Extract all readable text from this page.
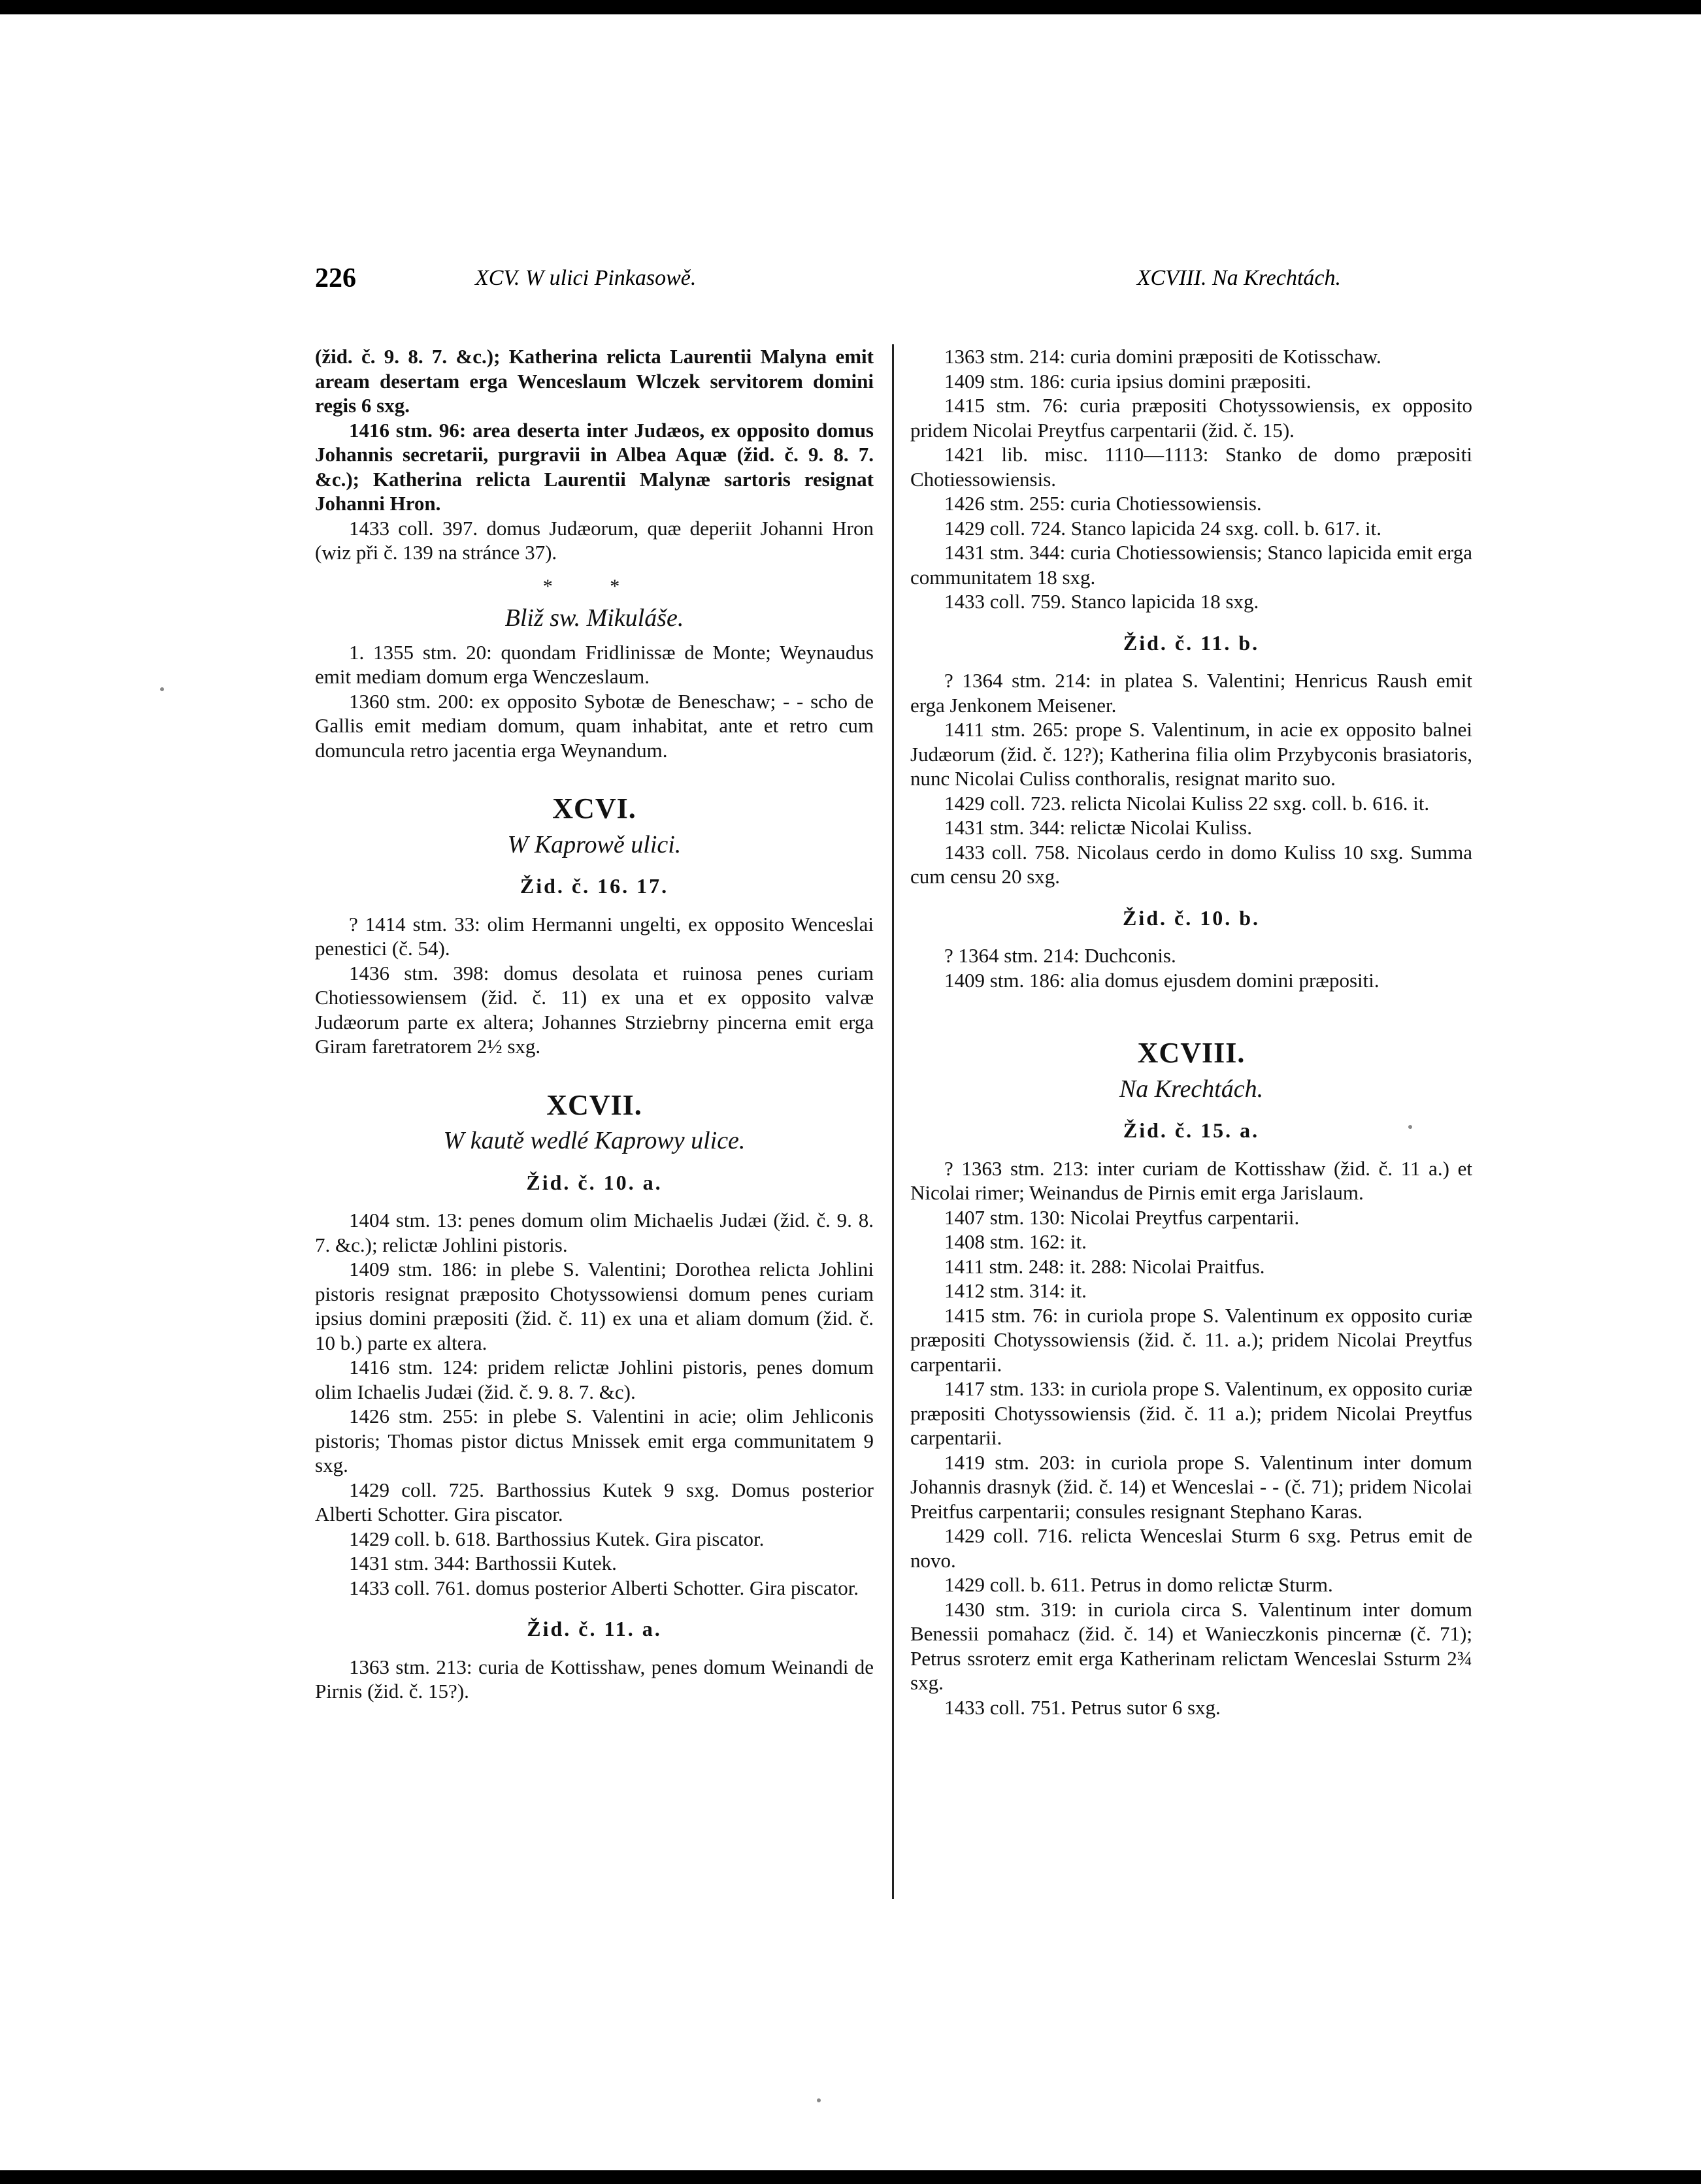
226	XCV. W ulici Pinkasowě.	XCVIII. Na Krechtách.

(žid. č. 9. 8. 7. &c.); Katherina relicta Laurentii Malyna emit aream desertam erga Wenceslaum Wlczek servitorem domini regis 6 sxg.

1416 stm. 96: area deserta inter Judæos, ex opposito domus Johannis secretarii, purgravii in Albea Aquæ (žid. č. 9. 8. 7. &c.); Katherina relicta Laurentii Malynæ sartoris resignat Johanni Hron.

1433 coll. 397. domus Judæorum, quæ deperiit Johanni Hron (wiz při č. 139 na stránce 37).

* *
Bliž sw. Mikuláše.

1. 1355 stm. 20: quondam Fridlinissæ de Monte; Weynaudus emit mediam domum erga Wenczeslaum.

1360 stm. 200: ex opposito Sybotæ de Beneschaw; - - scho de Gallis emit mediam domum, quam inhabitat, ante et retro cum domuncula retro jacentia erga Weynandum.

XCVI.
W Kaprowě ulici.
Žid. č. 16. 17.

? 1414 stm. 33: olim Hermanni ungelti, ex opposito Wenceslai penestici (č. 54).

1436 stm. 398: domus desolata et ruinosa penes curiam Chotiessowiensem (žid. č. 11) ex una et ex opposito valvæ Judæorum parte ex altera; Johannes Strziebrny pincerna emit erga Giram faretratorem 2½ sxg.

XCVII.
W kautě wedlé Kaprowy ulice.
Žid. č. 10. a.

1404 stm. 13: penes domum olim Michaelis Judæi (žid. č. 9. 8. 7. &c.); relictæ Johlini pistoris.

1409 stm. 186: in plebe S. Valentini; Dorothea relicta Johlini pistoris resignat præposito Chotyssowiensi domum penes curiam ipsius domini præpositi (žid. č. 11) ex una et aliam domum (žid. č. 10 b.) parte ex altera.

1416 stm. 124: pridem relictæ Johlini pistoris, penes domum olim Ichaelis Judæi (žid. č. 9. 8. 7. &c).

1426 stm. 255: in plebe S. Valentini in acie; olim Jehliconis pistoris; Thomas pistor dictus Mnissek emit erga communitatem 9 sxg.

1429 coll. 725. Barthossius Kutek 9 sxg. Domus posterior Alberti Schotter. Gira piscator.

1429 coll. b. 618. Barthossius Kutek. Gira piscator.

1431 stm. 344: Barthossii Kutek.

1433 coll. 761. domus posterior Alberti Schotter. Gira piscator.

Žid. č. 11. a.

1363 stm. 213: curia de Kottisshaw, penes domum Weinandi de Pirnis (žid. č. 15?).

1363 stm. 214: curia domini præpositi de Kotisschaw.

1409 stm. 186: curia ipsius domini præpositi.

1415 stm. 76: curia præpositi Chotyssowiensis, ex opposito pridem Nicolai Preytfus carpentarii (žid. č. 15).

1421 lib. misc. 1110—1113: Stanko de domo præpositi Chotiessowiensis.

1426 stm. 255: curia Chotiessowiensis.

1429 coll. 724. Stanco lapicida 24 sxg. coll. b. 617. it.

1431 stm. 344: curia Chotiessowiensis; Stanco lapicida emit erga communitatem 18 sxg.

1433 coll. 759. Stanco lapicida 18 sxg.

Žid. č. 11. b.

? 1364 stm. 214: in platea S. Valentini; Henricus Raush emit erga Jenkonem Meisener.

1411 stm. 265: prope S. Valentinum, in acie ex opposito balnei Judæorum (žid. č. 12?); Katherina filia olim Przybyconis brasiatoris, nunc Nicolai Culiss conthoralis, resignat marito suo.

1429 coll. 723. relicta Nicolai Kuliss 22 sxg. coll. b. 616. it.

1431 stm. 344: relictæ Nicolai Kuliss.

1433 coll. 758. Nicolaus cerdo in domo Kuliss 10 sxg. Summa cum censu 20 sxg.

Žid. č. 10. b.

? 1364 stm. 214: Duchconis.

1409 stm. 186: alia domus ejusdem domini præpositi.

XCVIII.
Na Krechtách.
Žid. č. 15. a.

? 1363 stm. 213: inter curiam de Kottisshaw (žid. č. 11 a.) et Nicolai rimer; Weinandus de Pirnis emit erga Jarislaum.

1407 stm. 130: Nicolai Preytfus carpentarii.

1408 stm. 162: it.

1411 stm. 248: it. 288: Nicolai Praitfus.

1412 stm. 314: it.

1415 stm. 76: in curiola prope S. Valentinum ex opposito curiæ præpositi Chotyssowiensis (žid. č. 11. a.); pridem Nicolai Preytfus carpentarii.

1417 stm. 133: in curiola prope S. Valentinum, ex opposito curiæ præpositi Chotyssowiensis (žid. č. 11 a.); pridem Nicolai Preytfus carpentarii.

1419 stm. 203: in curiola prope S. Valentinum inter domum Johannis drasnyk (žid. č. 14) et Wenceslai - - (č. 71); pridem Nicolai Preitfus carpentarii; consules resignant Stephano Karas.

1429 coll. 716. relicta Wenceslai Sturm 6 sxg. Petrus emit de novo.

1429 coll. b. 611. Petrus in domo relictæ Sturm.

1430 stm. 319: in curiola circa S. Valentinum inter domum Benessii pomahacz (žid. č. 14) et Wanieczkonis pincernæ (č. 71); Petrus ssroterz emit erga Katherinam relictam Wenceslai Ssturm 2¾ sxg.

1433 coll. 751. Petrus sutor 6 sxg.
